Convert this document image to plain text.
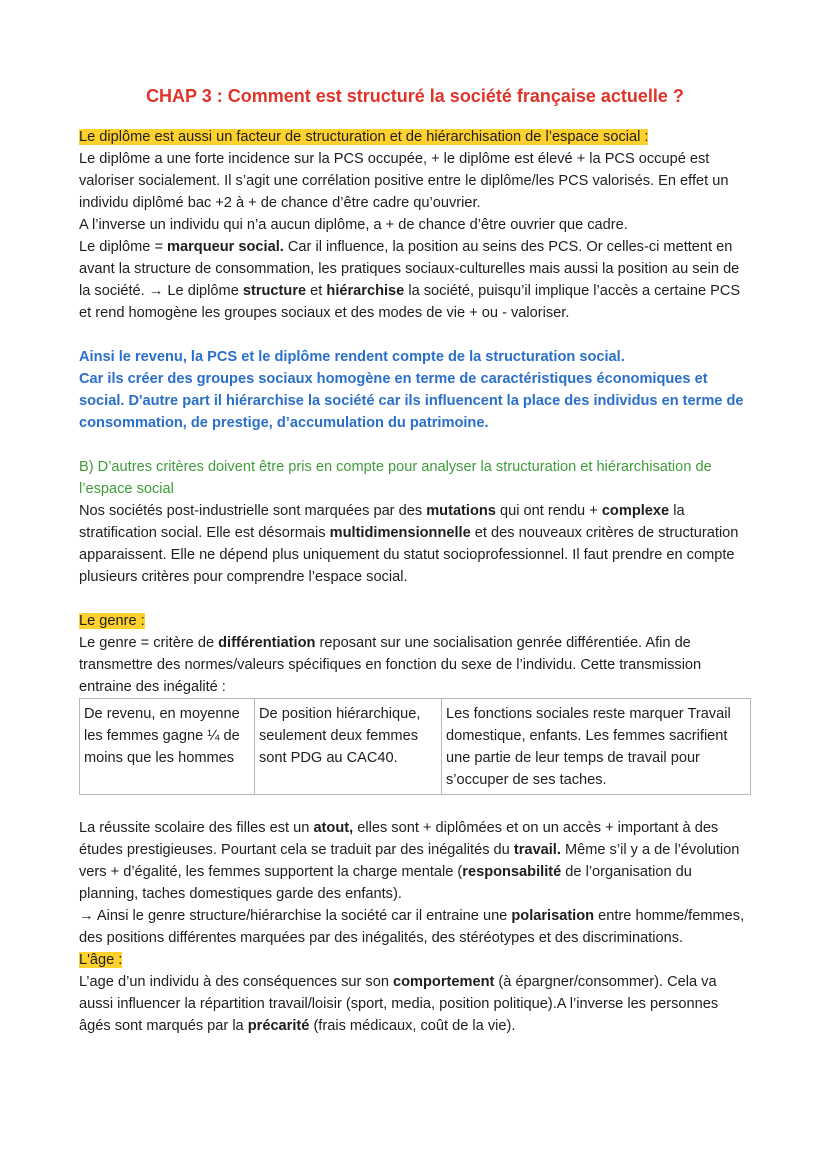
CHAP 3 : Comment est structuré la société française actuelle ?

Le diplôme est aussi un facteur de structuration et de hiérarchisation de l’espace social :

Le diplôme a une forte incidence sur la PCS occupée, + le diplôme est élevé + la PCS occupé est valoriser socialement. Il s’agit une corrélation positive entre le diplôme/les PCS valorisés. En effet un individu diplômé bac +2 à + de chance d’être cadre qu’ouvrier.

A l’inverse un individu qui n’a aucun diplôme, a + de chance d’être ouvrier que cadre.

Le diplôme = marqueur social. Car il influence, la position au seins des PCS. Or celles-ci mettent en avant la structure de consommation, les pratiques sociaux-culturelles mais aussi la position au sein de la société. → Le diplôme structure et hiérarchise la société, puisqu’il implique l’accès a certaine PCS et rend homogène les groupes sociaux et des modes de vie + ou - valoriser.

Ainsi le revenu, la PCS et le diplôme rendent compte de la structuration social.

Car ils créer des groupes sociaux homogène en terme de caractéristiques économiques et social. D'autre part il hiérarchise la société car ils influencent la place des individus en terme de consommation, de prestige, d’accumulation du patrimoine.

B) D’autres critères doivent être pris en compte pour analyser la structuration et hiérarchisation de l’espace social

Nos sociétés post-industrielle sont marquées par des mutations qui ont rendu + complexe la stratification social. Elle est désormais multidimensionnelle et des nouveaux critères de structuration apparaissent. Elle ne dépend plus uniquement du statut socioprofessionnel. Il faut prendre en compte plusieurs critères pour comprendre l’espace social.

Le genre :

Le genre = critère de différentiation reposant sur une socialisation genrée différentiée. Afin de transmettre des normes/valeurs spécifiques en fonction du sexe de l’individu. Cette transmission entraine des inégalité :

De revenu, en moyenne les femmes gagne ¼ de moins que les hommes	De position hiérarchique, seulement deux femmes sont PDG au CAC40.	Les fonctions sociales reste marquer Travail domestique, enfants. Les femmes sacrifient une partie de leur temps de travail pour s’occuper de ses taches.

La réussite scolaire des filles est un atout, elles sont + diplômées et on un accès + important à des études prestigieuses. Pourtant cela se traduit par des inégalités du travail. Même s’il y a de l’évolution vers + d’égalité, les femmes supportent la charge mentale (responsabilité de l’organisation du planning, taches domestiques garde des enfants).

→ Ainsi le genre structure/hiérarchise la société car il entraine une polarisation entre homme/femmes, des positions différentes marquées par des inégalités, des stéréotypes et des discriminations.

L'âge :

L’age d’un individu à des conséquences sur son comportement (à épargner/consommer). Cela va aussi influencer la répartition travail/loisir (sport, media, position politique).A l’inverse les personnes âgés sont marqués par la précarité (frais médicaux, coût de la vie).
